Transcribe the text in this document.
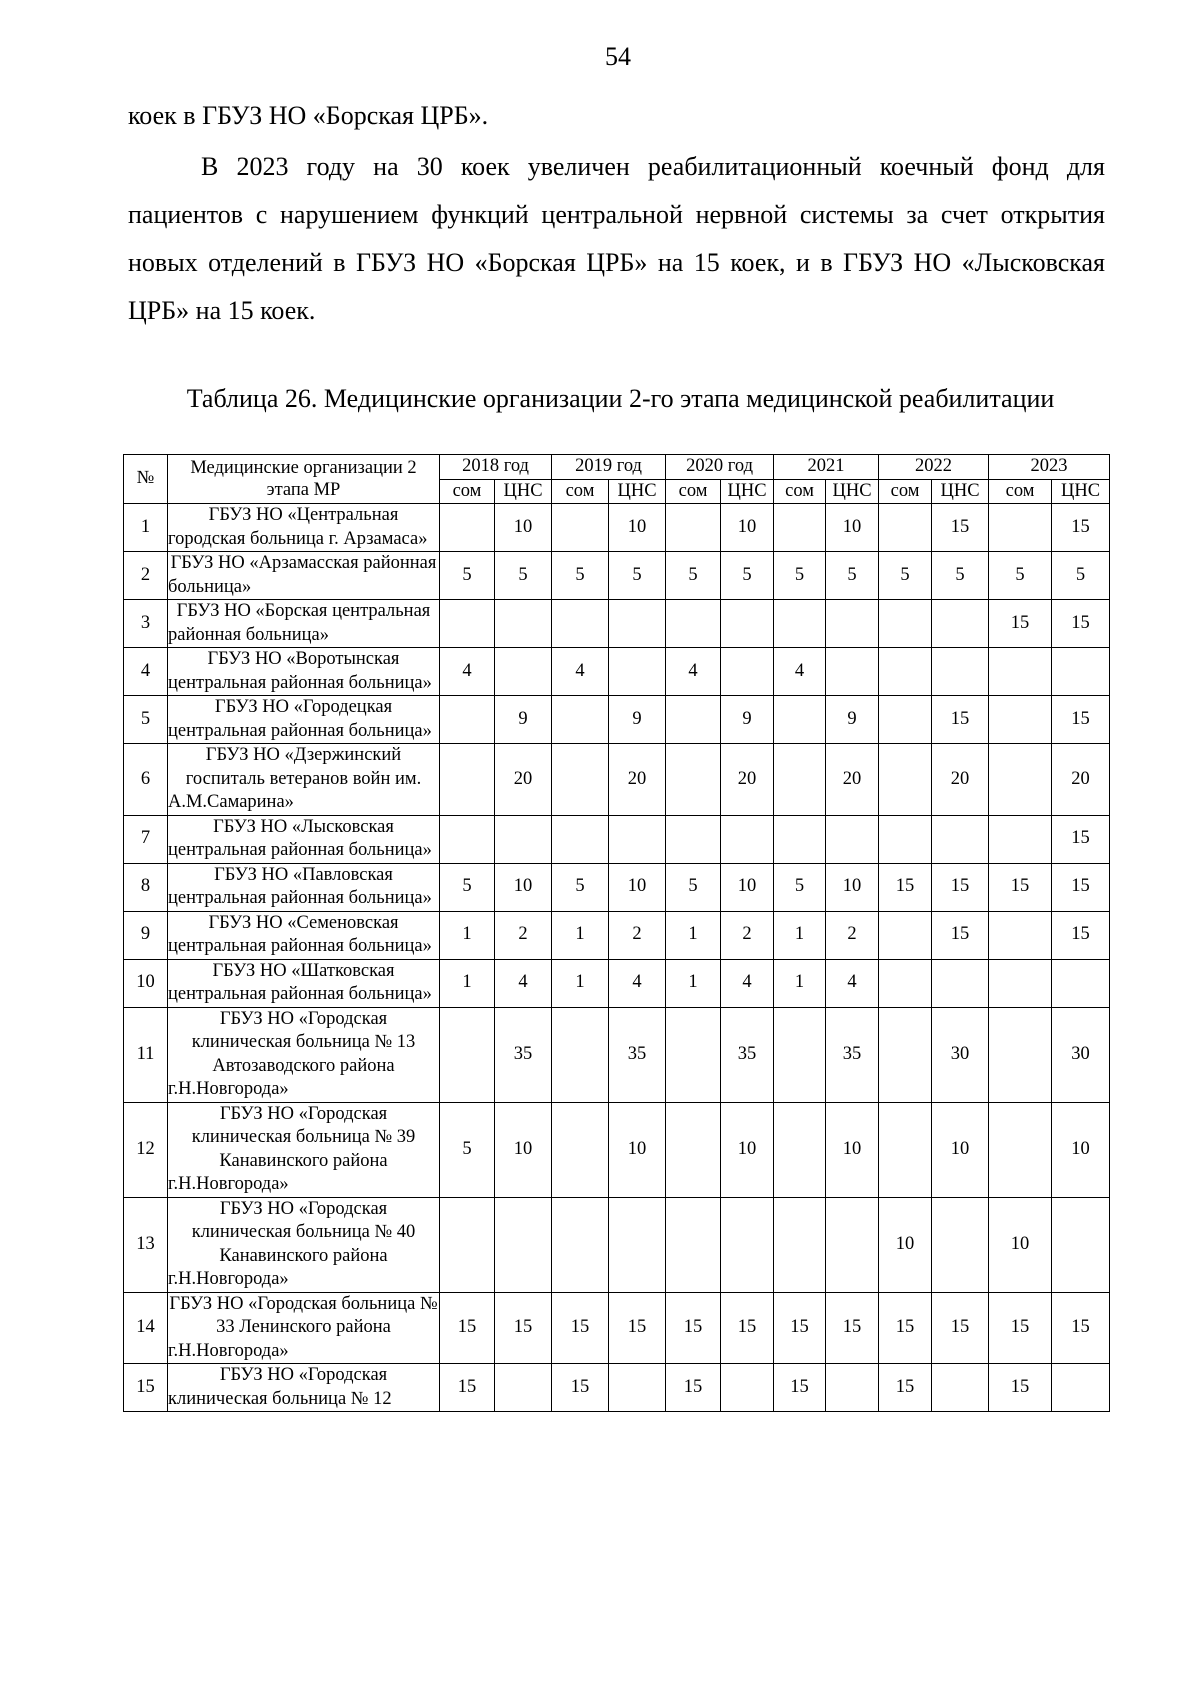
54
коек в ГБУЗ НО «Борская ЦРБ».
В 2023 году на 30 коек увеличен реабилитационный коечный фонд для пациентов с нарушением функций центральной нервной системы за счет открытия новых отделений в ГБУЗ НО «Борская ЦРБ» на 15 коек, и в ГБУЗ НО «Лысковская ЦРБ» на 15 коек.
Таблица 26. Медицинские организации 2-го этапа медицинской реабилитации
№	Медицинские организации 2 этапа МР	2018 год		2019 год		2020 год		2021		2022		2023	
		сом	ЦНС	сом	ЦНС	сом	ЦНС	сом	ЦНС	сом	ЦНС	сом	ЦНС
1	ГБУЗ НО «Центральная городская больница г. Арзамаса»		10		10		10		10		15		15
2	ГБУЗ НО «Арзамасская районная больница»	5	5	5	5	5	5	5	5	5	5	5	5
3	ГБУЗ НО «Борская центральная районная больница»											15	15
4	ГБУЗ НО «Воротынская центральная районная больница»	4		4		4		4					
5	ГБУЗ НО «Городецкая центральная районная больница»		9		9		9		9		15		15
6	ГБУЗ НО «Дзержинский госпиталь ветеранов войн им. А.М.Самарина»		20		20		20		20		20		20
7	ГБУЗ НО «Лысковская центральная районная больница»												15
8	ГБУЗ НО «Павловская центральная районная больница»	5	10	5	10	5	10	5	10	15	15	15	15
9	ГБУЗ НО «Семеновская центральная районная больница»	1	2	1	2	1	2	1	2		15		15
10	ГБУЗ НО «Шатковская центральная районная больница»	1	4	1	4	1	4	1	4				
11	ГБУЗ НО «Городская клиническая больница № 13 Автозаводского района г.Н.Новгорода»		35		35		35		35		30		30
12	ГБУЗ НО «Городская клиническая больница № 39 Канавинского района г.Н.Новгорода»	5	10		10		10		10		10		10
13	ГБУЗ НО «Городская клиническая больница № 40 Канавинского района г.Н.Новгорода»									10		10	
14	ГБУЗ НО «Городская больница № 33 Ленинского района г.Н.Новгорода»	15	15	15	15	15	15	15	15	15	15	15	15
15	ГБУЗ НО «Городская клиническая больница № 12	15		15		15		15		15		15	
